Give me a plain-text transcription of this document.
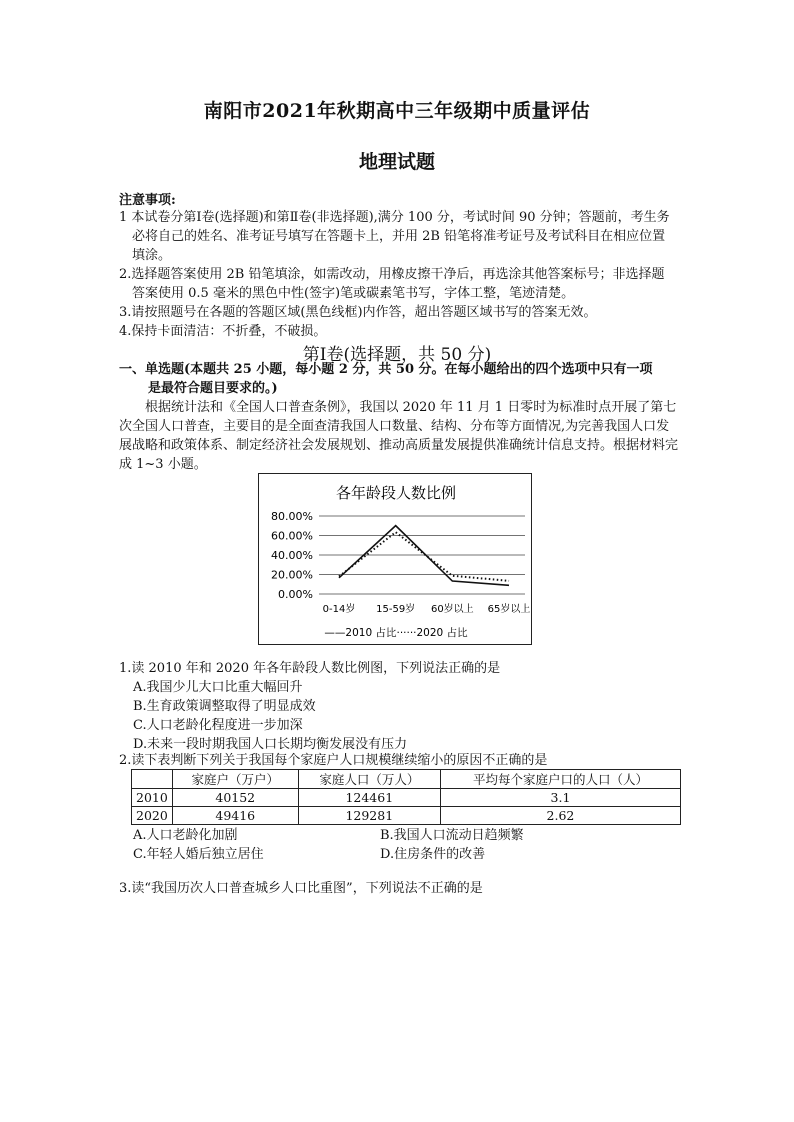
南阳市2021年秋期高中三年级期中质量评估
地理试题
注意事项:
1 本试卷分第Ⅰ卷(选择题)和第Ⅱ卷(非选择题),满分 100 分，考试时间 90 分钟；答题前，考生务必将自己的姓名、准考证号填写在答题卡上，并用 2B 铅笔将准考证号及考试科目在相应位置填涂。
2.选择题答案使用 2B 铅笔填涂，如需改动，用橡皮擦干净后，再选涂其他答案标号；非选择题答案使用 0.5 毫米的黑色中性(签字)笔或碳素笔书写，字体工整，笔迹清楚。
3.请按照题号在各题的答题区域(黑色线框)内作答，超出答题区域书写的答案无效。
4.保持卡面清洁：不折叠，不破损。
第Ⅰ卷(选择题，共 50 分)
一、单选题(本题共 25 小题，每小题 2 分，共 50 分。在每小题给出的四个选项中只有一项
是最符合题目要求的。)
根据统计法和《全国人口普查条例》，我国以 2020 年 11 月 1 日零时为标准时点开展了第七次全国人口普查，主要目的是全面查清我国人口数量、结构、分布等方面情况,为完善我国人口发展战略和政策体系、制定经济社会发展规划、推动高质量发展提供准确统计信息支持。根据材料完成 1~3 小题。
各年龄段人数比例
80.00%
60.00%
40.00%
20.00%
0.00%
0-14岁 15-59岁 60岁以上 65岁以上
——2010 占比······2020 占比
1.读 2010 年和 2020 年各年龄段人数比例图，下列说法正确的是
A.我国少儿大口比重大幅回升
B.生育政策调整取得了明显成效
C.人口老龄化程度进一步加深
D.未来一段时期我国人口长期均衡发展没有压力
2.读下表判断下列关于我国每个家庭户人口规模继续缩小的原因不正确的是
	家庭户（万户）	家庭人口（万人）	平均每个家庭户口的人口（人）
2010	40152	124461	3.1
2020	49416	129281	2.62
A.人口老龄化加剧	B.我国人口流动日趋频繁
C.年轻人婚后独立居住	D.住房条件的改善
3.读“我国历次人口普查城乡人口比重图”，下列说法不正确的是
